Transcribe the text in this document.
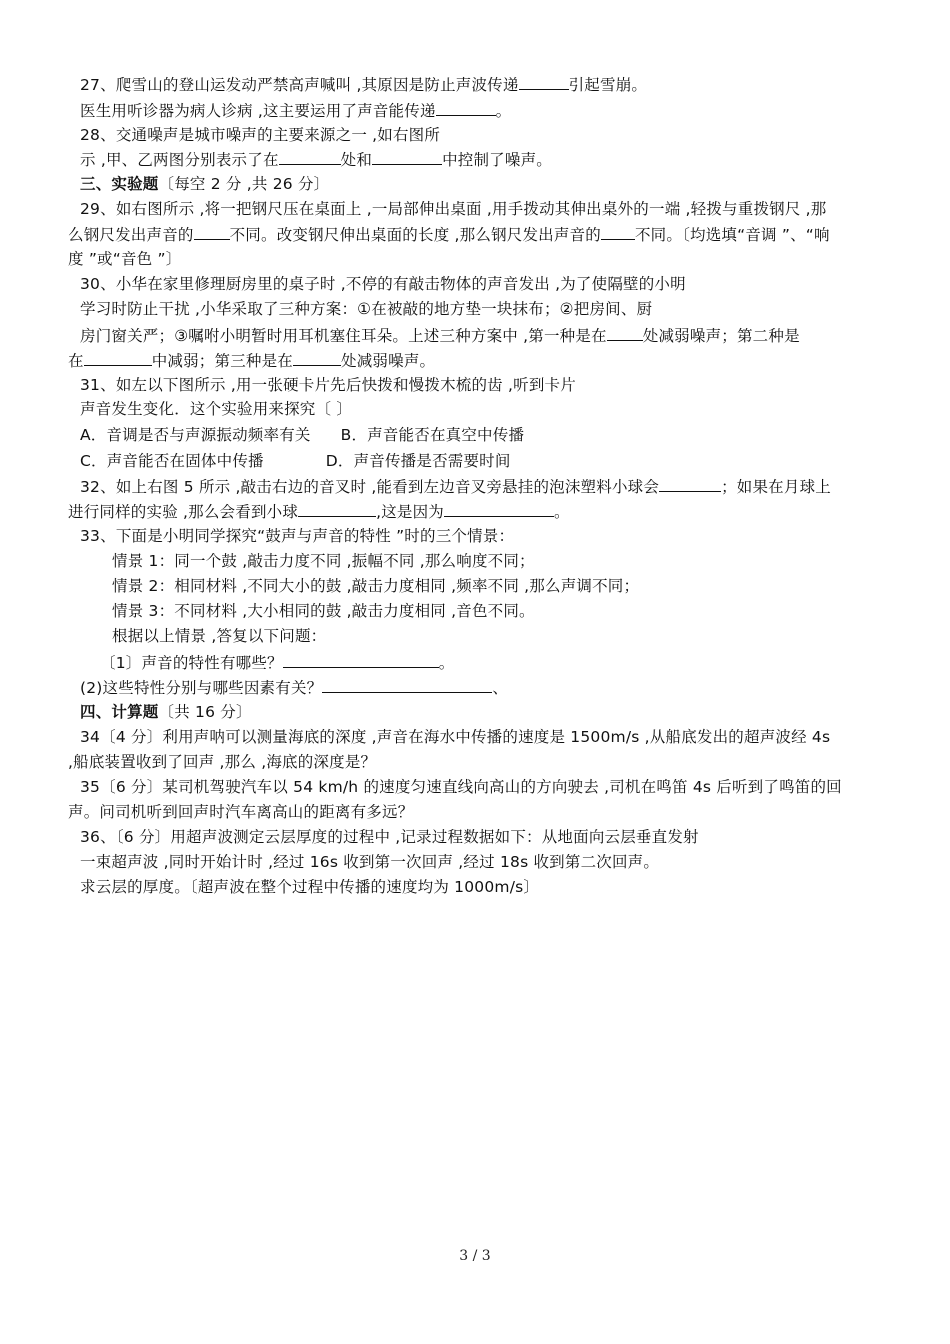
27、爬雪山的登山运发动严禁高声喊叫 ,其原因是防止声波传递	引起雪崩。
医生用听诊器为病人诊病 ,这主要运用了声音能传递	。
28、交通噪声是城市噪声的主要来源之一 ,如右图所
示 ,甲、乙两图分别表示了在	处和	中控制了噪声。
三、实验题〔每空 2 分 ,共 26 分〕
29、如右图所示 ,将一把钢尺压在桌面上 ,一局部伸出桌面 ,用手拨动其伸出桌外的一端 ,轻拨与重拨钢尺 ,那
么钢尺发出声音的 不同。改变钢尺伸出桌面的长度 ,那么钢尺发出声音的 不同。〔均选填“音调 ”、“响
度 ”或“音色 ”〕
30、小华在家里修理厨房里的桌子时 ,不停的有敲击物体的声音发出 ,为了使隔壁的小明
学习时防止干扰 ,小华采取了三种方案：①在被敲的地方垫一块抹布；②把房间、厨
房门窗关严；③嘱咐小明暂时用耳机塞住耳朵。上述三种方案中 ,第一种是在 处减弱噪声；第二种是
在	中减弱；第三种是在	处减弱噪声。
31、如左以下图所示 ,用一张硬卡片先后快拨和慢拨木梳的齿 ,听到卡片
声音发生变化．这个实验用来探究〔 〕
A．音调是否与声源振动频率有关 B．声音能否在真空中传播
C．声音能否在固体中传播	D．声音传播是否需要时间
32、如上右图 5 所示 ,敲击右边的音叉时 ,能看到左边音叉旁悬挂的泡沫塑料小球会	；如果在月球上
进行同样的实验 ,那么会看到小球	,这是因为	。
33、下面是小明同学探究“鼓声与声音的特性 ”时的三个情景：
情景 1：同一个鼓 ,敲击力度不同 ,振幅不同 ,那么响度不同；
情景 2：相同材料 ,不同大小的鼓 ,敲击力度相同 ,频率不同 ,那么声调不同；
情景 3：不同材料 ,大小相同的鼓 ,敲击力度相同 ,音色不同。
根据以上情景 ,答复以下问题：
〔1〕声音的特性有哪些？	。
(2)这些特性分别与哪些因素有关？	、
四、计算题〔共 16 分〕
34〔4 分〕利用声呐可以测量海底的深度 ,声音在海水中传播的速度是 1500m/s ,从船底发出的超声波经 4s
,船底装置收到了回声 ,那么 ,海底的深度是？
35〔6 分〕某司机驾驶汽车以 54 km/h 的速度匀速直线向高山的方向驶去 ,司机在鸣笛 4s 后听到了鸣笛的回
声。问司机听到回声时汽车离高山的距离有多远？
36、〔6 分〕用超声波测定云层厚度的过程中 ,记录过程数据如下：从地面向云层垂直发射
一束超声波 ,同时开始计时 ,经过 16s 收到第一次回声 ,经过 18s 收到第二次回声。
求云层的厚度。〔超声波在整个过程中传播的速度均为 1000m/s〕
3 / 3
